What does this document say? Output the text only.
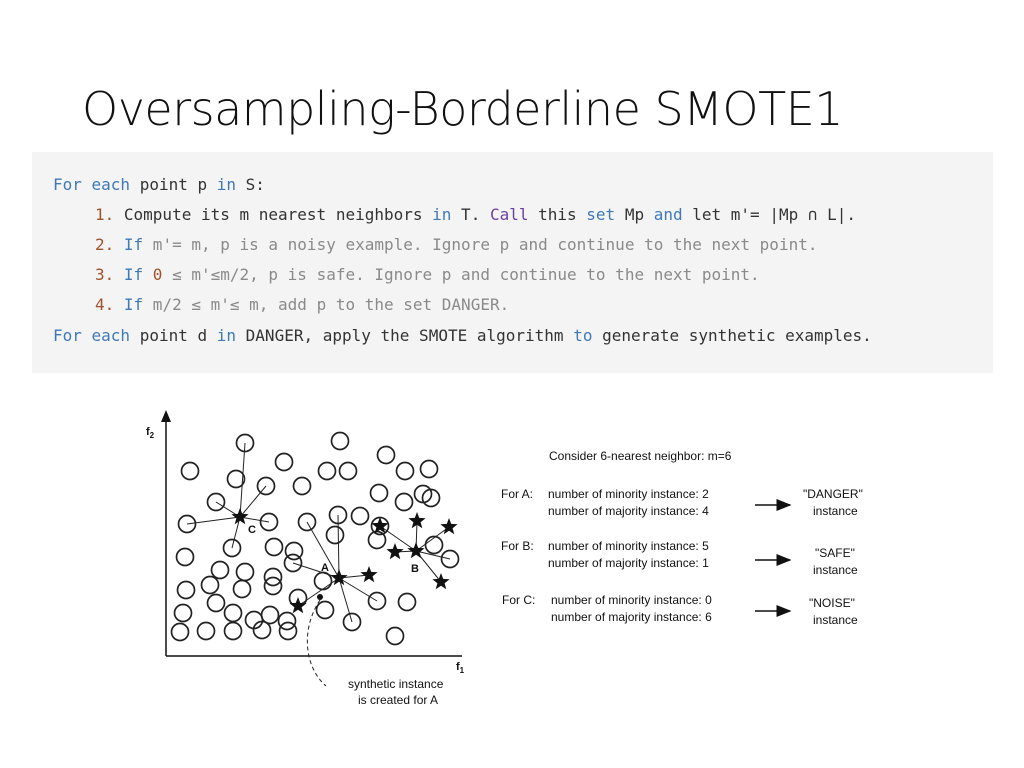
Oversampling-Borderline SMOTE1
For each point p in S:
1. Compute its m nearest neighbors in T. Call this set Mp and let m'= |Mp ∩ L|.
2. If m'= m, p is a noisy example. Ignore p and continue to the next point.
3. If 0 ≤ m'≤m/2, p is safe. Ignore p and continue to the next point.
4. If m/2 ≤ m'≤ m, add p to the set DANGER.
For each point d in DANGER, apply the SMOTE algorithm to generate synthetic examples.
$f_2$
$f_1$
A	B
C
synthetic instance
is created for A
Consider 6-nearest neighbor: m=6
For A: number of minority instance: 2
number of majority instance: 4
"DANGER"
instance
For B: number of minority instance: 5
number of majority instance: 1
"SAFE"
instance
For C: number of minority instance: 0
number of majority instance: 6
"NOISE"
instance
